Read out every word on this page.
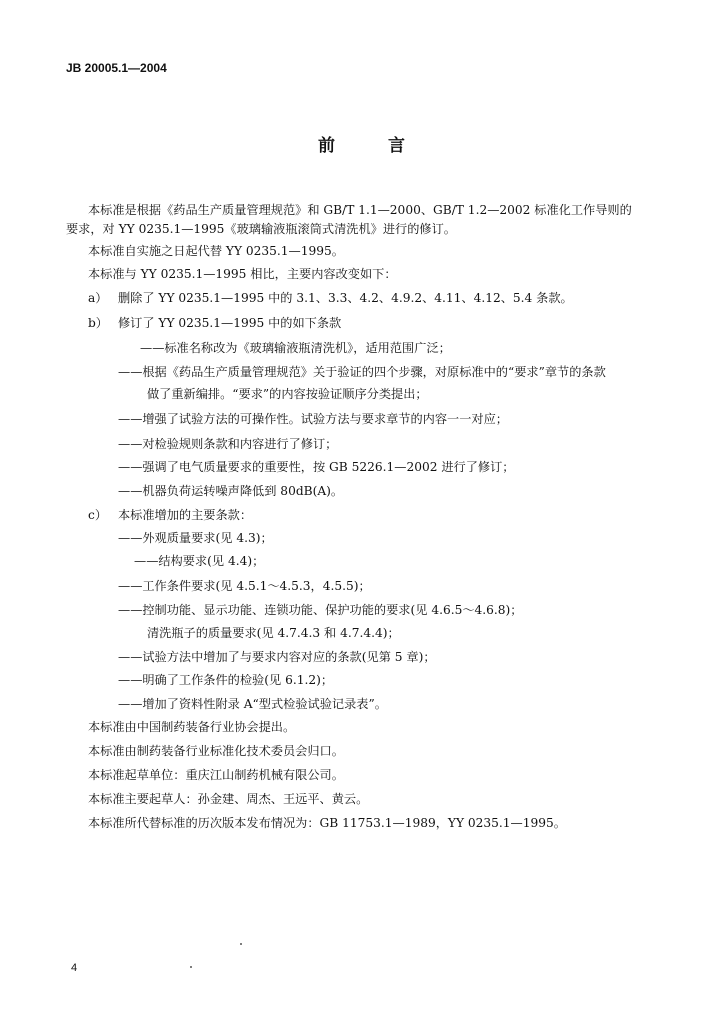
JB 20005.1—2004
前	言
本标准是根据《药品生产质量管理规范》和 GB/T 1.1—2000、GB/T 1.2—2002 标准化工作导则的
要求，对 YY 0235.1—1995《玻璃输液瓶滚筒式清洗机》进行的修订。
本标准自实施之日起代替 YY 0235.1—1995。
本标准与 YY 0235.1—1995 相比，主要内容改变如下：
a） 删除了 YY 0235.1—1995 中的 3.1、3.3、4.2、4.9.2、4.11、4.12、5.4 条款。
b） 修订了 YY 0235.1—1995 中的如下条款
——标准名称改为《玻璃输液瓶清洗机》，适用范围广泛；
——根据《药品生产质量管理规范》关于验证的四个步骤，对原标准中的“要求”章节的条款
做了重新编排。“要求”的内容按验证顺序分类提出；
——增强了试验方法的可操作性。试验方法与要求章节的内容一一对应；
——对检验规则条款和内容进行了修订；
——强调了电气质量要求的重要性，按 GB 5226.1—2002 进行了修订；
——机器负荷运转噪声降低到 80dB(A)。
c） 本标准增加的主要条款：
——外观质量要求(见 4.3)；
——结构要求(见 4.4)；
——工作条件要求(见 4.5.1～4.5.3，4.5.5)；
——控制功能、显示功能、连锁功能、保护功能的要求(见 4.6.5～4.6.8)；
清洗瓶子的质量要求(见 4.7.4.3 和 4.7.4.4)；
——试验方法中增加了与要求内容对应的条款(见第 5 章)；
——明确了工作条件的检验(见 6.1.2)；
——增加了资料性附录 A“型式检验试验记录表”。
本标准由中国制药装备行业协会提出。
本标准由制药装备行业标准化技术委员会归口。
本标准起草单位：重庆江山制药机械有限公司。
本标准主要起草人：孙金建、周杰、王远平、黄云。
本标准所代替标准的历次版本发布情况为：GB 11753.1—1989，YY 0235.1—1995。
4
